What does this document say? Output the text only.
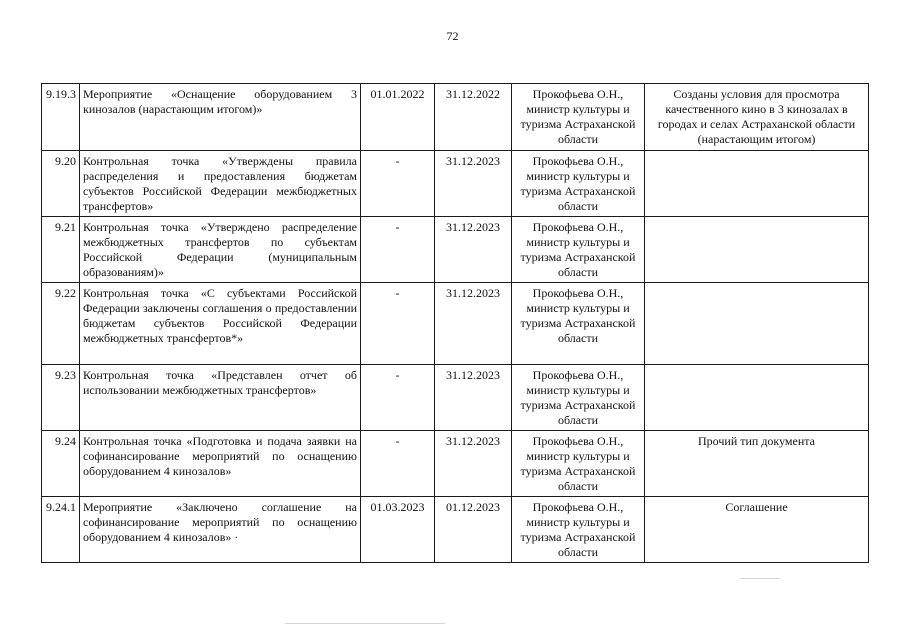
72
9.19.3	Мероприятие «Оснащение оборудованием 3 кинозалов (нарастающим итогом)»	01.01.2022	31.12.2022	Прокофьева О.Н., министр культуры и туризма Астраханской области	Созданы условия для просмотра качественного кино в 3 кинозалах в городах и селах Астраханской области (нарастающим итогом)
9.20	Контрольная точка «Утверждены правила распределения и предоставления бюджетам субъектов Российской Федерации межбюджетных трансфертов»	-	31.12.2023	Прокофьева О.Н., министр культуры и туризма Астраханской области	
9.21	Контрольная точка «Утверждено распределение межбюджетных трансфертов по субъектам Российской Федерации (муниципальным образованиям)»	-	31.12.2023	Прокофьева О.Н., министр культуры и туризма Астраханской области	
9.22	Контрольная точка «С субъектами Российской Федерации заключены соглашения о предоставлении бюджетам субъектов Российской Федерации межбюджетных трансфертов*»	-	31.12.2023	Прокофьева О.Н., министр культуры и туризма Астраханской области	
9.23	Контрольная точка «Представлен отчет об использовании межбюджетных трансфертов»	-	31.12.2023	Прокофьева О.Н., министр культуры и туризма Астраханской области	
9.24	Контрольная точка «Подготовка и подача заявки на софинансирование мероприятий по оснащению оборудованием 4 кинозалов»	-	31.12.2023	Прокофьева О.Н., министр культуры и туризма Астраханской области	Прочий тип документа
9.24.1	Мероприятие «Заключено соглашение на софинансирование мероприятий по оснащению оборудованием 4 кинозалов» ·	01.03.2023	01.12.2023	Прокофьева О.Н., министр культуры и туризма Астраханской области	Соглашение
